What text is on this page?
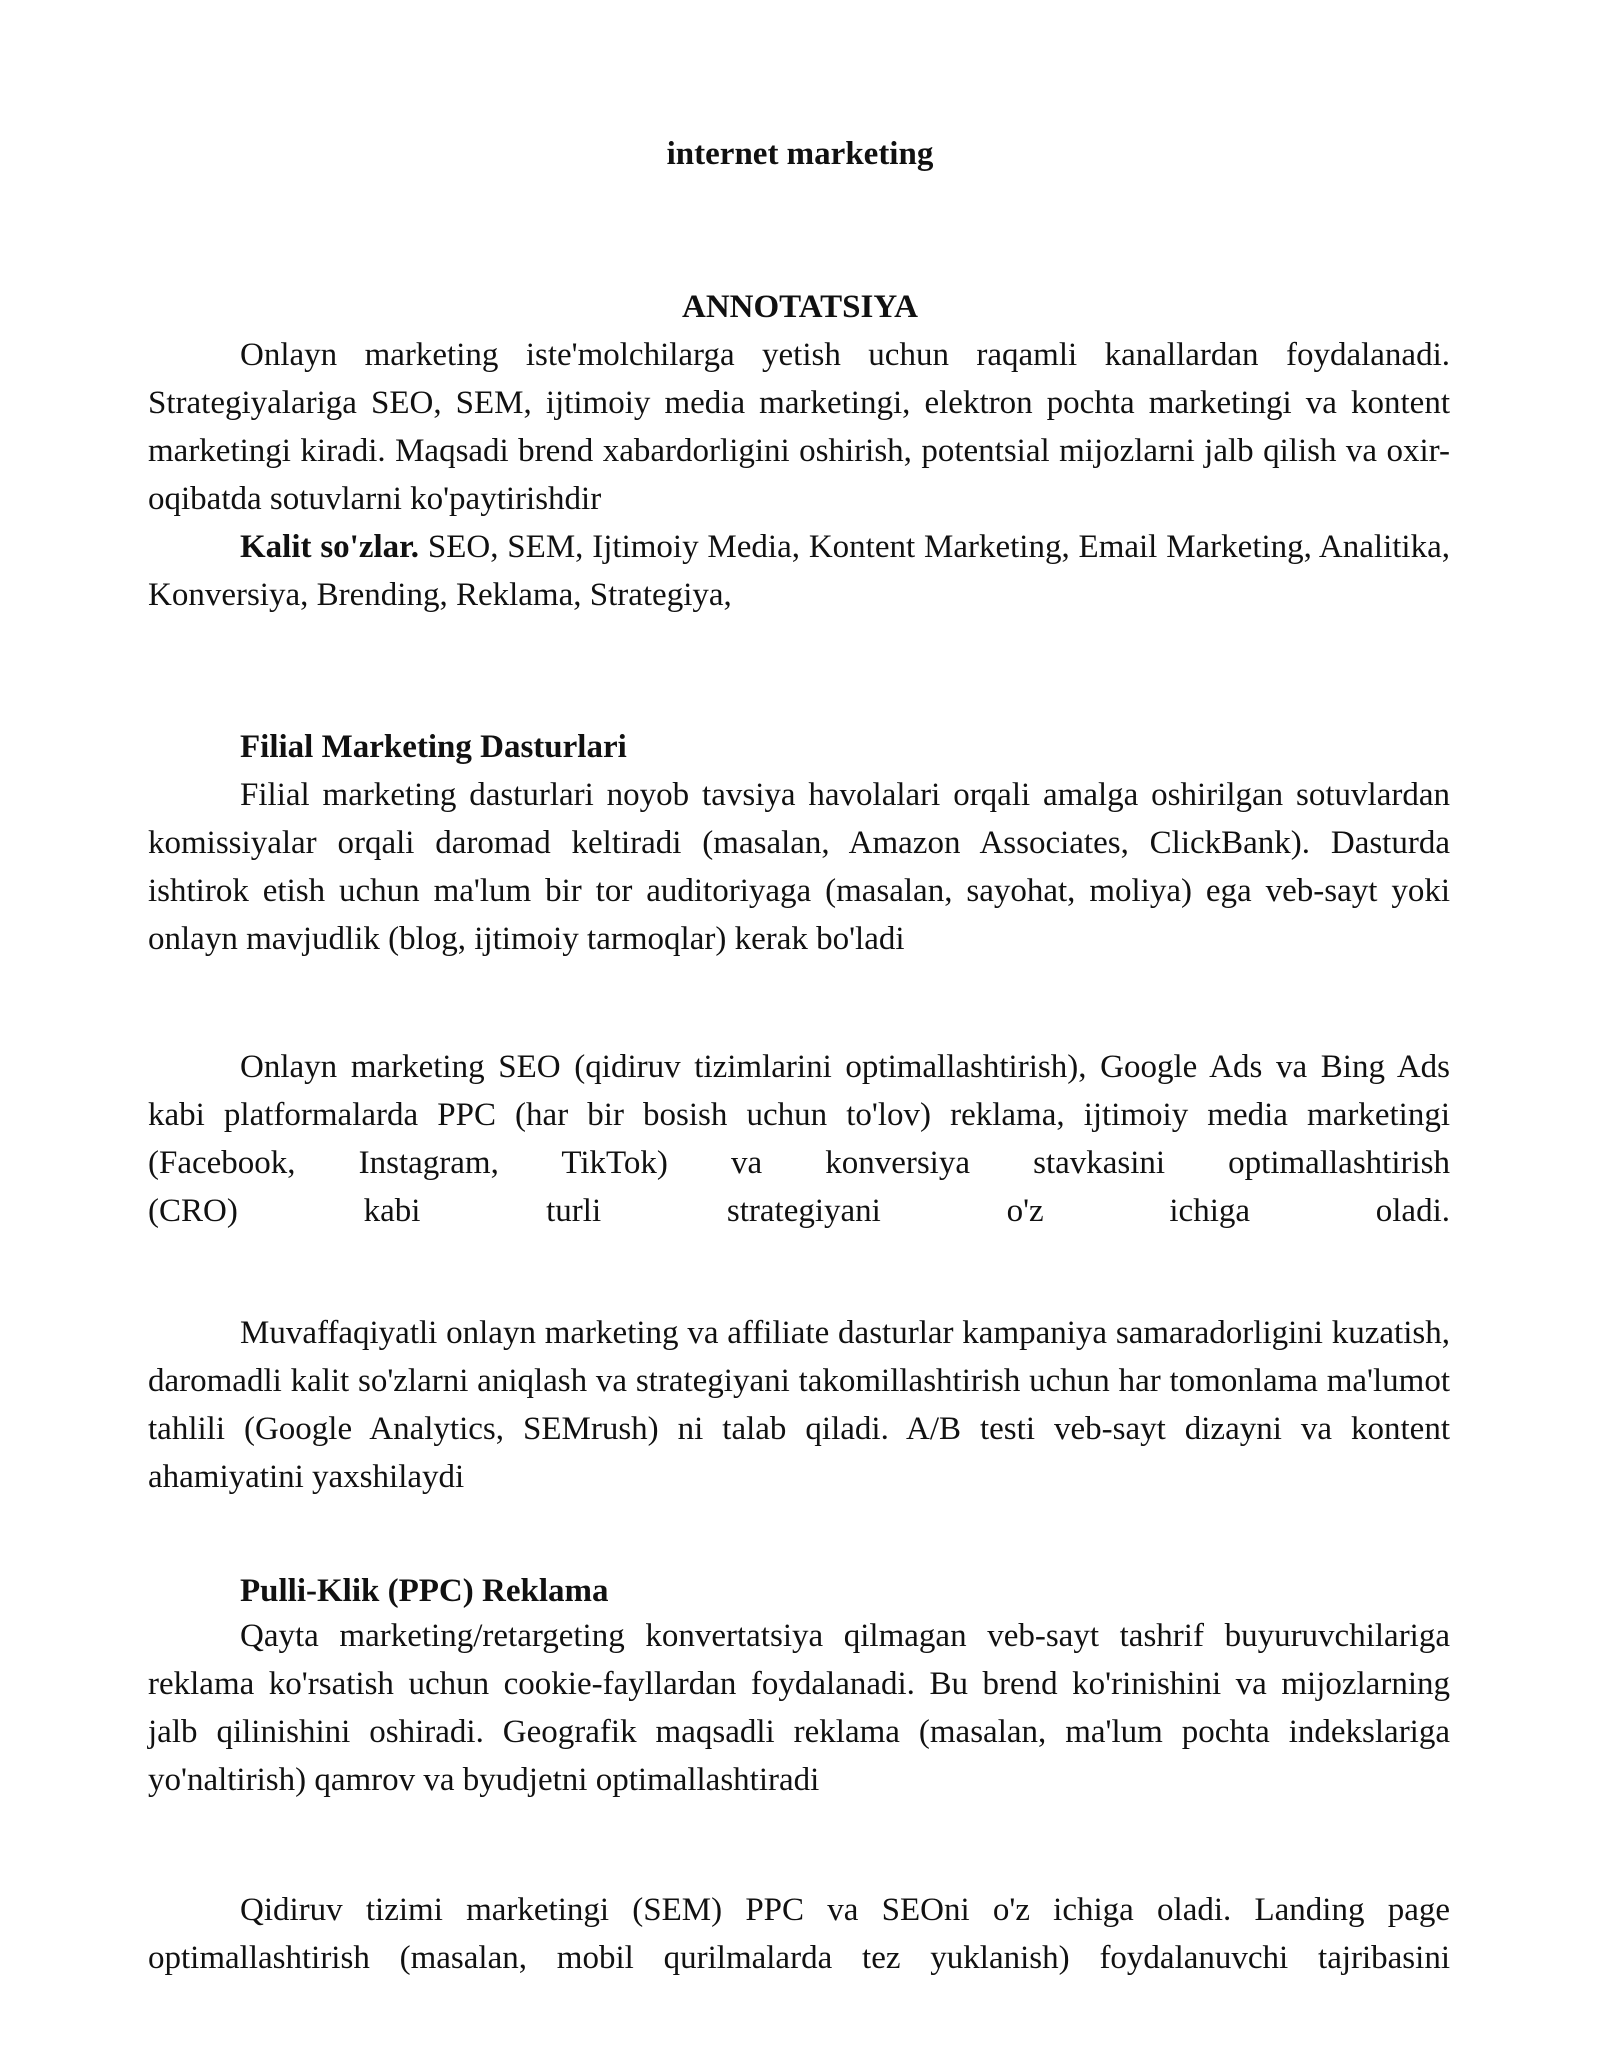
internet marketing
ANNOTATSIYA

Onlayn marketing iste'molchilarga yetish uchun raqamli kanallardan foydalanadi. Strategiyalariga SEO, SEM, ijtimoiy media marketingi, elektron pochta marketingi va kontent marketingi kiradi. Maqsadi brend xabardorligini oshirish, potentsial mijozlarni jalb qilish va oxir-oqibatda sotuvlarni ko'paytirishdir

Kalit so'zlar. SEO, SEM, Ijtimoiy Media, Kontent Marketing, Email Marketing, Analitika, Konversiya, Brending, Reklama, Strategiya,

Filial Marketing Dasturlari

Filial marketing dasturlari noyob tavsiya havolalari orqali amalga oshirilgan sotuvlardan komissiyalar orqali daromad keltiradi (masalan, Amazon Associates, ClickBank). Dasturda ishtirok etish uchun ma'lum bir tor auditoriyaga (masalan, sayohat, moliya) ega veb-sayt yoki onlayn mavjudlik (blog, ijtimoiy tarmoqlar) kerak bo'ladi

Onlayn marketing SEO (qidiruv tizimlarini optimallashtirish), Google Ads va Bing Ads kabi platformalarda PPC (har bir bosish uchun to'lov) reklama, ijtimoiy media marketingi (Facebook, Instagram, TikTok) va konversiya stavkasini optimallashtirish
(CRO)	kabi	turli	strategiyani	o'z	ichiga	oladi.

Muvaffaqiyatli onlayn marketing va affiliate dasturlar kampaniya samaradorligini kuzatish, daromadli kalit so'zlarni aniqlash va strategiyani takomillashtirish uchun har tomonlama ma'lumot tahlili (Google Analytics, SEMrush) ni talab qiladi. A/B testi veb-sayt dizayni va kontent ahamiyatini yaxshilaydi

Pulli-Klik (PPC) Reklama

Qayta marketing/retargeting konvertatsiya qilmagan veb-sayt tashrif buyuruvchilariga reklama ko'rsatish uchun cookie-fayllardan foydalanadi. Bu brend ko'rinishini va mijozlarning jalb qilinishini oshiradi. Geografik maqsadli reklama (masalan, ma'lum pochta indekslariga yo'naltirish) qamrov va byudjetni optimallashtiradi

Qidiruv tizimi marketingi (SEM) PPC va SEOni o'z ichiga oladi. Landing page optimallashtirish (masalan, mobil qurilmalarda tez yuklanish) foydalanuvchi tajribasini
